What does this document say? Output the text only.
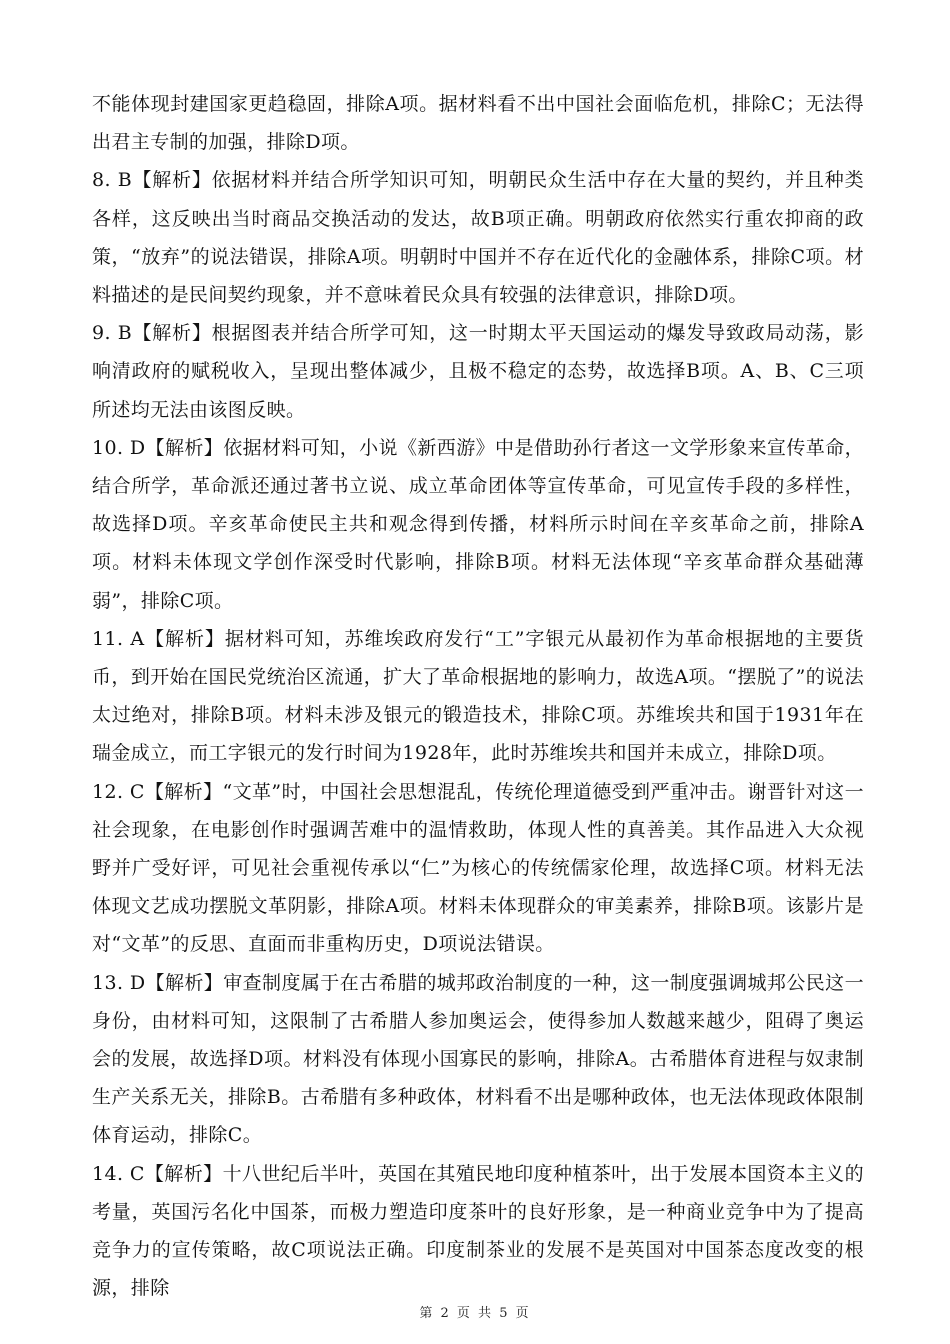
不能体现封建国家更趋稳固，排除A项。据材料看不出中国社会面临危机，排除C；无法得出君主专制的加强，排除D项。

8. B【解析】依据材料并结合所学知识可知，明朝民众生活中存在大量的契约，并且种类各样，这反映出当时商品交换活动的发达，故B项正确。明朝政府依然实行重农抑商的政策，“放弃”的说法错误，排除A项。明朝时中国并不存在近代化的金融体系，排除C项。材料描述的是民间契约现象，并不意味着民众具有较强的法律意识，排除D项。

9. B【解析】根据图表并结合所学可知，这一时期太平天国运动的爆发导致政局动荡，影响清政府的赋税收入，呈现出整体减少，且极不稳定的态势，故选择B项。A、B、C三项所述均无法由该图反映。

10. D【解析】依据材料可知，小说《新西游》中是借助孙行者这一文学形象来宣传革命，结合所学，革命派还通过著书立说、成立革命团体等宣传革命，可见宣传手段的多样性，故选择D项。辛亥革命使民主共和观念得到传播，材料所示时间在辛亥革命之前，排除A项。材料未体现文学创作深受时代影响，排除B项。材料无法体现“辛亥革命群众基础薄弱”，排除C项。

11. A【解析】据材料可知，苏维埃政府发行“工”字银元从最初作为革命根据地的主要货币，到开始在国民党统治区流通，扩大了革命根据地的影响力，故选A项。“摆脱了”的说法太过绝对，排除B项。材料未涉及银元的锻造技术，排除C项。苏维埃共和国于1931年在瑞金成立，而工字银元的发行时间为1928年，此时苏维埃共和国并未成立，排除D项。

12. C【解析】“文革”时，中国社会思想混乱，传统伦理道德受到严重冲击。谢晋针对这一社会现象，在电影创作时强调苦难中的温情救助，体现人性的真善美。其作品进入大众视野并广受好评，可见社会重视传承以“仁”为核心的传统儒家伦理，故选择C项。材料无法体现文艺成功摆脱文革阴影，排除A项。材料未体现群众的审美素养，排除B项。该影片是对“文革”的反思、直面而非重构历史，D项说法错误。

13. D【解析】审查制度属于在古希腊的城邦政治制度的一种，这一制度强调城邦公民这一身份，由材料可知，这限制了古希腊人参加奥运会，使得参加人数越来越少，阻碍了奥运会的发展，故选择D项。材料没有体现小国寡民的影响，排除A。古希腊体育进程与奴隶制生产关系无关，排除B。古希腊有多种政体，材料看不出是哪种政体，也无法体现政体限制体育运动，排除C。

14. C【解析】十八世纪后半叶，英国在其殖民地印度种植茶叶，出于发展本国资本主义的考量，英国污名化中国茶，而极力塑造印度茶叶的良好形象，是一种商业竞争中为了提高竞争力的宣传策略，故C项说法正确。印度制茶业的发展不是英国对中国茶态度改变的根源，排除

第 2 页 共 5 页
